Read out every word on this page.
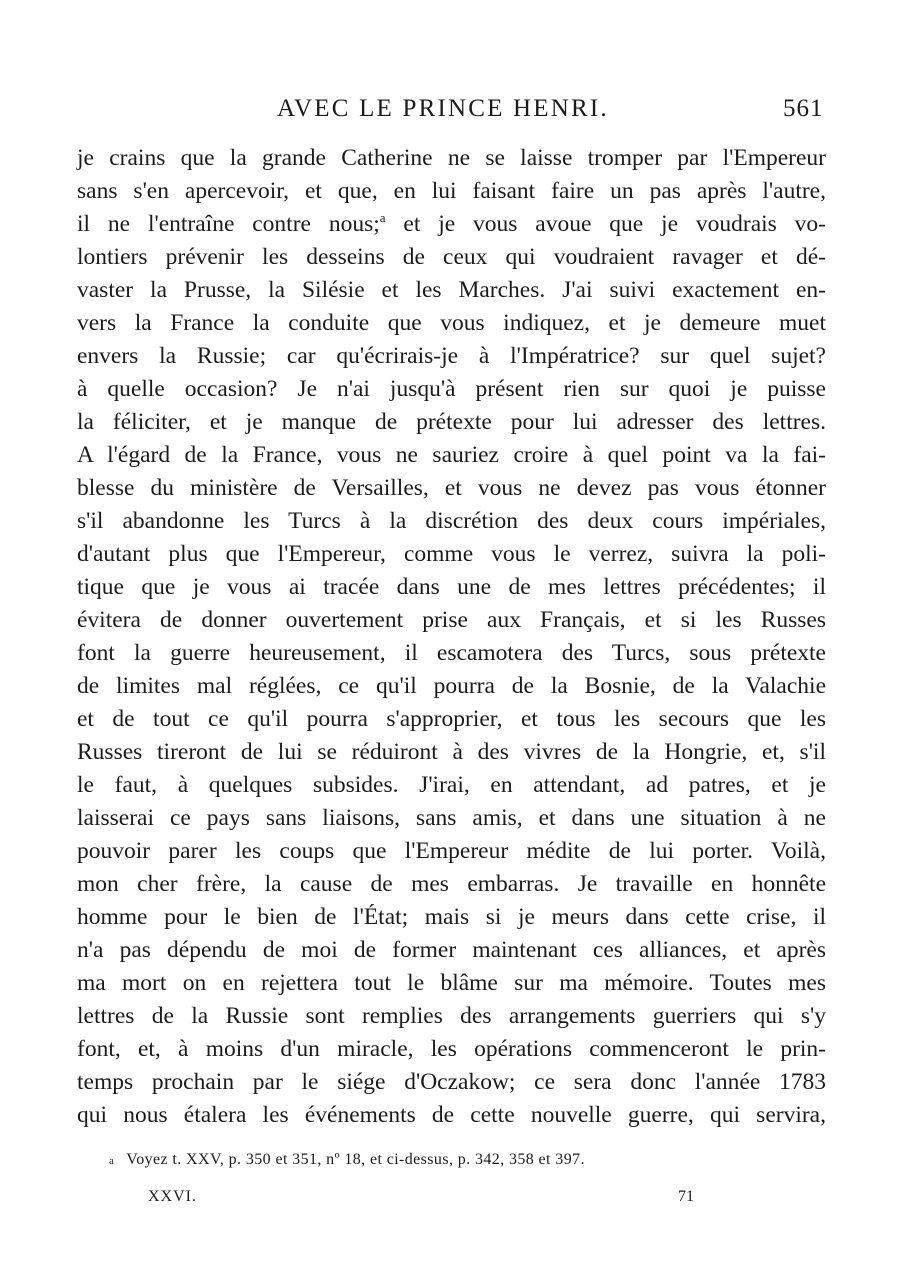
AVEC LE PRINCE HENRI.	561
je crains que la grande Catherine ne se laisse tromper par l'Empereur
sans s'en apercevoir, et que, en lui faisant faire un pas après l'autre,
il ne l'entraîne contre nous;$^a$ et je vous avoue que je voudrais vo-
lontiers prévenir les desseins de ceux qui voudraient ravager et dé-
vaster la Prusse, la Silésie et les Marches. J'ai suivi exactement en-
vers la France la conduite que vous indiquez, et je demeure muet
envers la Russie; car qu'écrirais-je à l'Impératrice? sur quel sujet?
à quelle occasion? Je n'ai jusqu'à présent rien sur quoi je puisse
la féliciter, et je manque de prétexte pour lui adresser des lettres.
A l'égard de la France, vous ne sauriez croire à quel point va la fai-
blesse du ministère de Versailles, et vous ne devez pas vous étonner
s'il abandonne les Turcs à la discrétion des deux cours impériales,
d'autant plus que l'Empereur, comme vous le verrez, suivra la poli-
tique que je vous ai tracée dans une de mes lettres précédentes; il
évitera de donner ouvertement prise aux Français, et si les Russes
font la guerre heureusement, il escamotera des Turcs, sous prétexte
de limites mal réglées, ce qu'il pourra de la Bosnie, de la Valachie
et de tout ce qu'il pourra s'approprier, et tous les secours que les
Russes tireront de lui se réduiront à des vivres de la Hongrie, et, s'il
le faut, à quelques subsides. J'irai, en attendant, ad patres, et je
laisserai ce pays sans liaisons, sans amis, et dans une situation à ne
pouvoir parer les coups que l'Empereur médite de lui porter. Voilà,
mon cher frère, la cause de mes embarras. Je travaille en honnête
homme pour le bien de l'État; mais si je meurs dans cette crise, il
n'a pas dépendu de moi de former maintenant ces alliances, et après
ma mort on en rejettera tout le blâme sur ma mémoire. Toutes mes
lettres de la Russie sont remplies des arrangements guerriers qui s'y
font, et, à moins d'un miracle, les opérations commenceront le prin-
temps prochain par le siége d'Oczakow; ce sera donc l'année 1783
qui nous étalera les événements de cette nouvelle guerre, qui servira,
a Voyez t. XXV, p. 350 et 351, nº 18, et ci-dessus, p. 342, 358 et 397.
XXVI.	71
